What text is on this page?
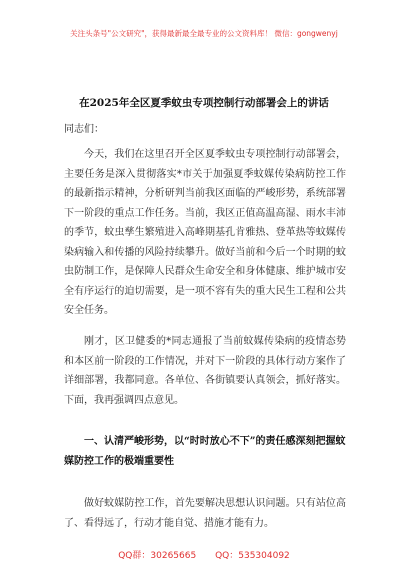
关注头条号"公文研究"，获得最新最全最专业的公文资料库！ 微信：gongwenyj
在2025年全区夏季蚊虫专项控制行动部署会上的讲话
同志们：

今天，我们在这里召开全区夏季蚊虫专项控制行动部署会，主要任务是深入贯彻落实*市关于加强夏季蚊媒传染病防控工作的最新指示精神，分析研判当前我区面临的严峻形势，系统部署下一阶段的重点工作任务。当前，我区正值高温高湿、雨水丰沛的季节，蚊虫孳生繁殖进入高峰期基孔肯雅热、登革热等蚊媒传染病输入和传播的风险持续攀升。做好当前和今后一个时期的蚊虫防制工作，是保障人民群众生命安全和身体健康、维护城市安全有序运行的迫切需要，是一项不容有失的重大民生工程和公共安全任务。

刚才，区卫健委的*同志通报了当前蚊媒传染病的疫情态势和本区前一阶段的工作情况，并对下一阶段的具体行动方案作了详细部署，我都同意。各单位、各街镇要认真领会，抓好落实。下面，我再强调四点意见。

一、认清严峻形势，以“时时放心不下”的责任感深刻把握蚊媒防控工作的极端重要性

做好蚊媒防控工作，首先要解决思想认识问题。只有站位高了、看得远了，行动才能自觉、措施才能有力。

QQ群：30265665 QQ：535304092
